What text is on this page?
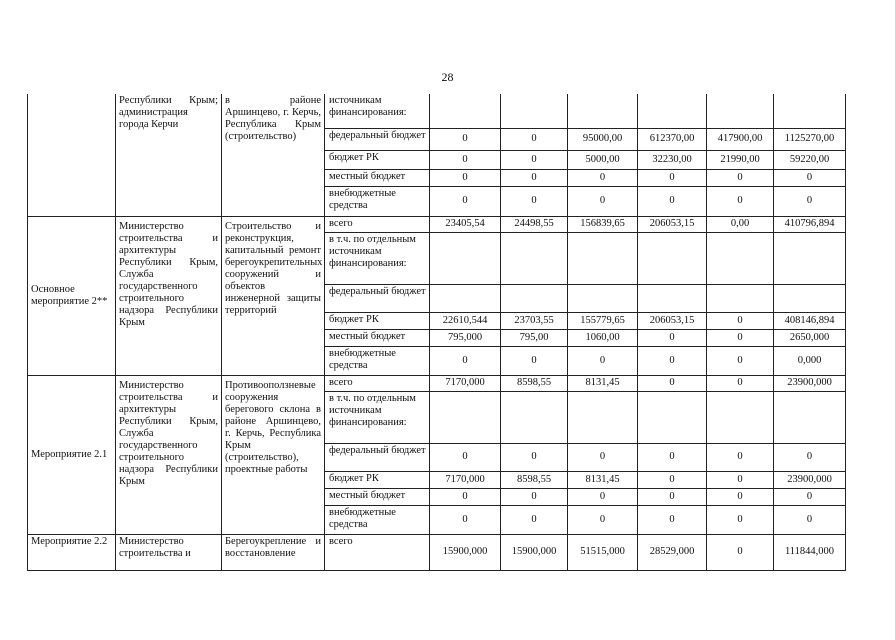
28
	Республики Крым; администрация города Керчи	в районе Аршинцево, г. Керчь, Республика Крым (строительство)	источникам финансирования:						
			федеральный бюджет	0	0	95000,00	612370,00	417900,00	1125270,00
			бюджет РК	0	0	5000,00	32230,00	21990,00	59220,00
			местный бюджет	0	0	0	0	0	0
			внебюджетные средства	0	0	0	0	0	0
Основное мероприятие 2**	Министерство строительства и архитектуры Республики Крым, Служба государственного строительного надзора Республики Крым	Строительство и реконструкция, капитальный ремонт берегоукрепительных сооружений и объектов инженерной защиты территорий	всего	23405,54	24498,55	156839,65	206053,15	0,00	410796,894
			в т.ч. по отдельным источникам финансирования:						
			федеральный бюджет						
			бюджет РК	22610,544	23703,55	155779,65	206053,15	0	408146,894
			местный бюджет	795,000	795,00	1060,00	0	0	2650,000
			внебюджетные средства	0	0	0	0	0	0,000
Мероприятие 2.1	Министерство строительства и архитектуры Республики Крым, Служба государственного строительного надзора Республики Крым	Противооползневые сооружения берегового склона в районе Аршинцево, г. Керчь, Республика Крым (строительство), проектные работы	всего	7170,000	8598,55	8131,45	0	0	23900,000
			в т.ч. по отдельным источникам финансирования:						
			федеральный бюджет	0	0	0	0	0	0
			бюджет РК	7170,000	8598,55	8131,45	0	0	23900,000
			местный бюджет	0	0	0	0	0	0
			внебюджетные средства	0	0	0	0	0	0
Мероприятие 2.2	Министерство строительства и	Берегоукрепление и восстановление	всего	15900,000	15900,000	51515,000	28529,000	0	111844,000
